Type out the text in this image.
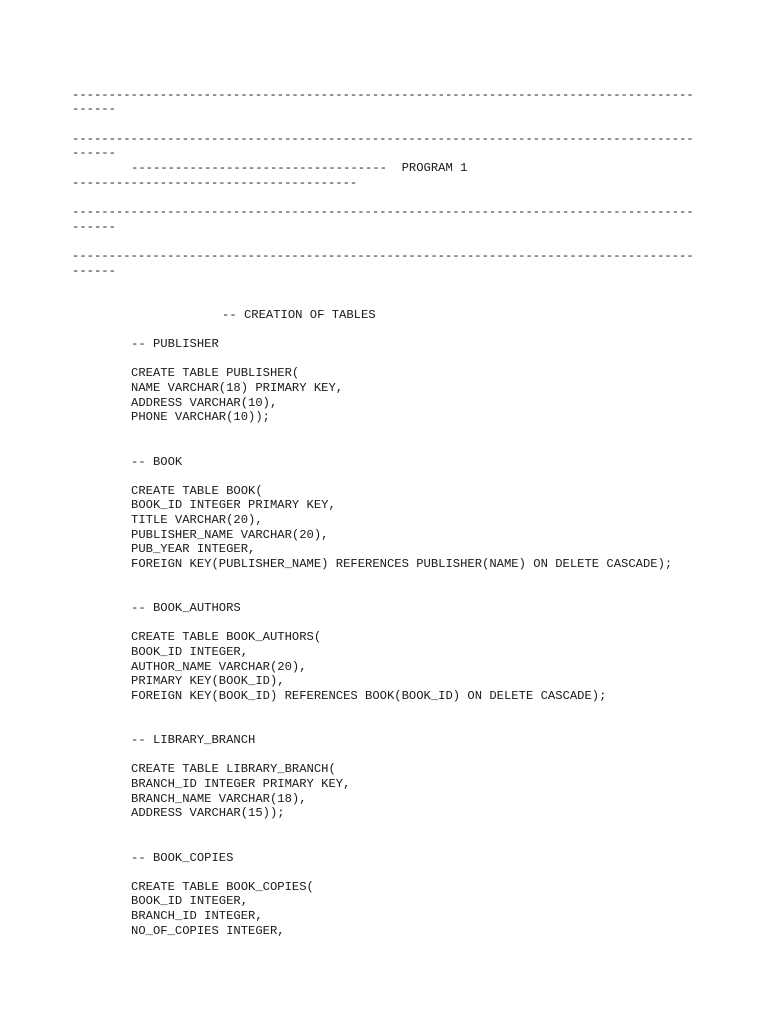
-------------------------------------------------------------------------------------

------

-------------------------------------------------------------------------------------

------

-----------------------------------  PROGRAM 1

---------------------------------------

-------------------------------------------------------------------------------------

------

-------------------------------------------------------------------------------------

------

-- CREATION OF TABLES

-- PUBLISHER

CREATE TABLE PUBLISHER(

NAME VARCHAR(18) PRIMARY KEY,

ADDRESS VARCHAR(10),

PHONE VARCHAR(10));

-- BOOK

CREATE TABLE BOOK(

BOOK_ID INTEGER PRIMARY KEY,

TITLE VARCHAR(20),

PUBLISHER_NAME VARCHAR(20),

PUB_YEAR INTEGER,

FOREIGN KEY(PUBLISHER_NAME) REFERENCES PUBLISHER(NAME) ON DELETE CASCADE);

-- BOOK_AUTHORS

CREATE TABLE BOOK_AUTHORS(

BOOK_ID INTEGER,

AUTHOR_NAME VARCHAR(20),

PRIMARY KEY(BOOK_ID),

FOREIGN KEY(BOOK_ID) REFERENCES BOOK(BOOK_ID) ON DELETE CASCADE);

-- LIBRARY_BRANCH

CREATE TABLE LIBRARY_BRANCH(

BRANCH_ID INTEGER PRIMARY KEY,

BRANCH_NAME VARCHAR(18),

ADDRESS VARCHAR(15));

-- BOOK_COPIES

CREATE TABLE BOOK_COPIES(

BOOK_ID INTEGER,

BRANCH_ID INTEGER,

NO_OF_COPIES INTEGER,
